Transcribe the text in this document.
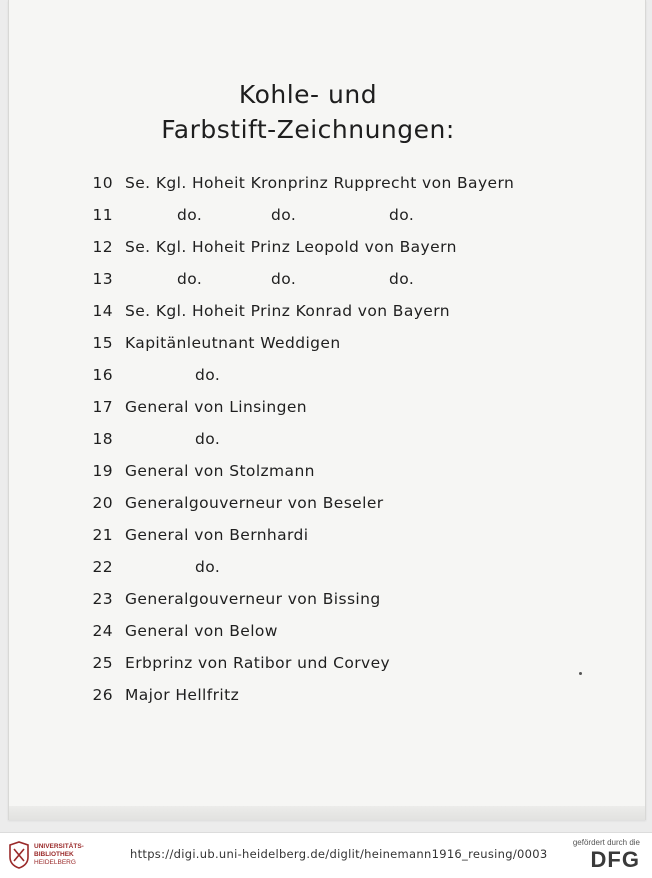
Kohle- und
Farbstift-Zeichnungen:
10 Se. Kgl. Hoheit Kronprinz Rupprecht von Bayern
11	do.	do.	do.
12 Se. Kgl. Hoheit Prinz Leopold von Bayern
13	do.	do.	do.
14 Se. Kgl. Hoheit Prinz Konrad von Bayern
15 Kapitänleutnant Weddigen
16	do.
17 General von Linsingen
18	do.
19 General von Stolzmann
20 Generalgouverneur von Beseler
21 General von Bernhardi
22	do.
23 Generalgouverneur von Bissing
24 General von Below
25 Erbprinz von Ratibor und Corvey
26 Major Hellfritz
UNIVERSITÄTS-
BIBLIOTHEK
HEIDELBERG
https://digi.ub.uni-heidelberg.de/diglit/heinemann1916_reusing/0003
gefördert durch die
DFG
